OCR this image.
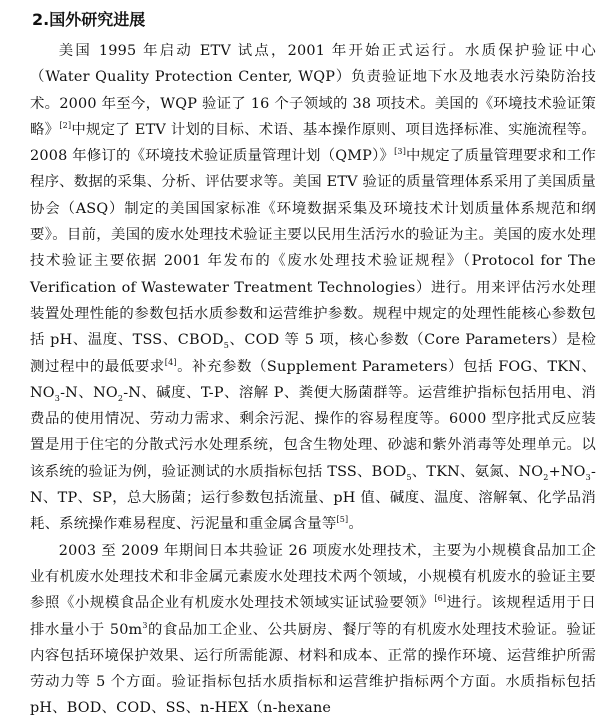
2.国外研究进展

美国 1995 年启动 ETV 试点，2001 年开始正式运行。水质保护验证中心（Water Quality Protection Center, WQP）负责验证地下水及地表水污染防治技术。2000 年至今，WQP 验证了 16 个子领域的 38 项技术。美国的《环境技术验证策略》[2]中规定了 ETV 计划的目标、术语、基本操作原则、项目选择标准、实施流程等。2008 年修订的《环境技术验证质量管理计划（QMP）》[3]中规定了质量管理要求和工作程序、数据的采集、分析、评估要求等。美国 ETV 验证的质量管理体系采用了美国质量协会（ASQ）制定的美国国家标准《环境数据采集及环境技术计划质量体系规范和纲要》。目前，美国的废水处理技术验证主要以民用生活污水的验证为主。美国的废水处理技术验证主要依据 2001 年发布的《废水处理技术验证规程》（Protocol for The Verification of Wastewater Treatment Technologies）进行。用来评估污水处理装置处理性能的参数包括水质参数和运营维护参数。规程中规定的处理性能核心参数包括 pH、温度、TSS、$CBOD_5$、COD 等 5 项，核心参数（Core Parameters）是检测过程中的最低要求[4]。补充参数（Supplement Parameters）包括 FOG、TKN、$NO_3-N$、$NO_2-N$、碱度、T-P、溶解 P、粪便大肠菌群等。运营维护指标包括用电、消费品的使用情况、劳动力需求、剩余污泥、操作的容易程度等。6000 型序批式反应装置是用于住宅的分散式污水处理系统，包含生物处理、砂滤和紫外消毒等处理单元。以该系统的验证为例，验证测试的水质指标包括 TSS、$BOD_5$、TKN、氨氮、$NO_2+NO_3-N$、TP、SP，总大肠菌；运行参数包括流量、pH 值、碱度、温度、溶解氧、化学品消耗、系统操作难易程度、污泥量和重金属含量等[5]。

2003 至 2009 年期间日本共验证 26 项废水处理技术，主要为小规模食品加工企业有机废水处理技术和非金属元素废水处理技术两个领域，小规模有机废水的验证主要参照《小规模食品企业有机废水处理技术领域实证试验要领》[6]进行。该规程适用于日排水量小于 $50m^3$的食品加工企业、公共厨房、餐厅等的有机废水处理技术验证。验证内容包括环境保护效果、运行所需能源、材料和成本、正常的操作环境、运营维护所需劳动力等 5 个方面。验证指标包括水质指标和运营维护指标两个方面。水质指标包括 pH、BOD、COD、SS、n-HEX（n-hexane
